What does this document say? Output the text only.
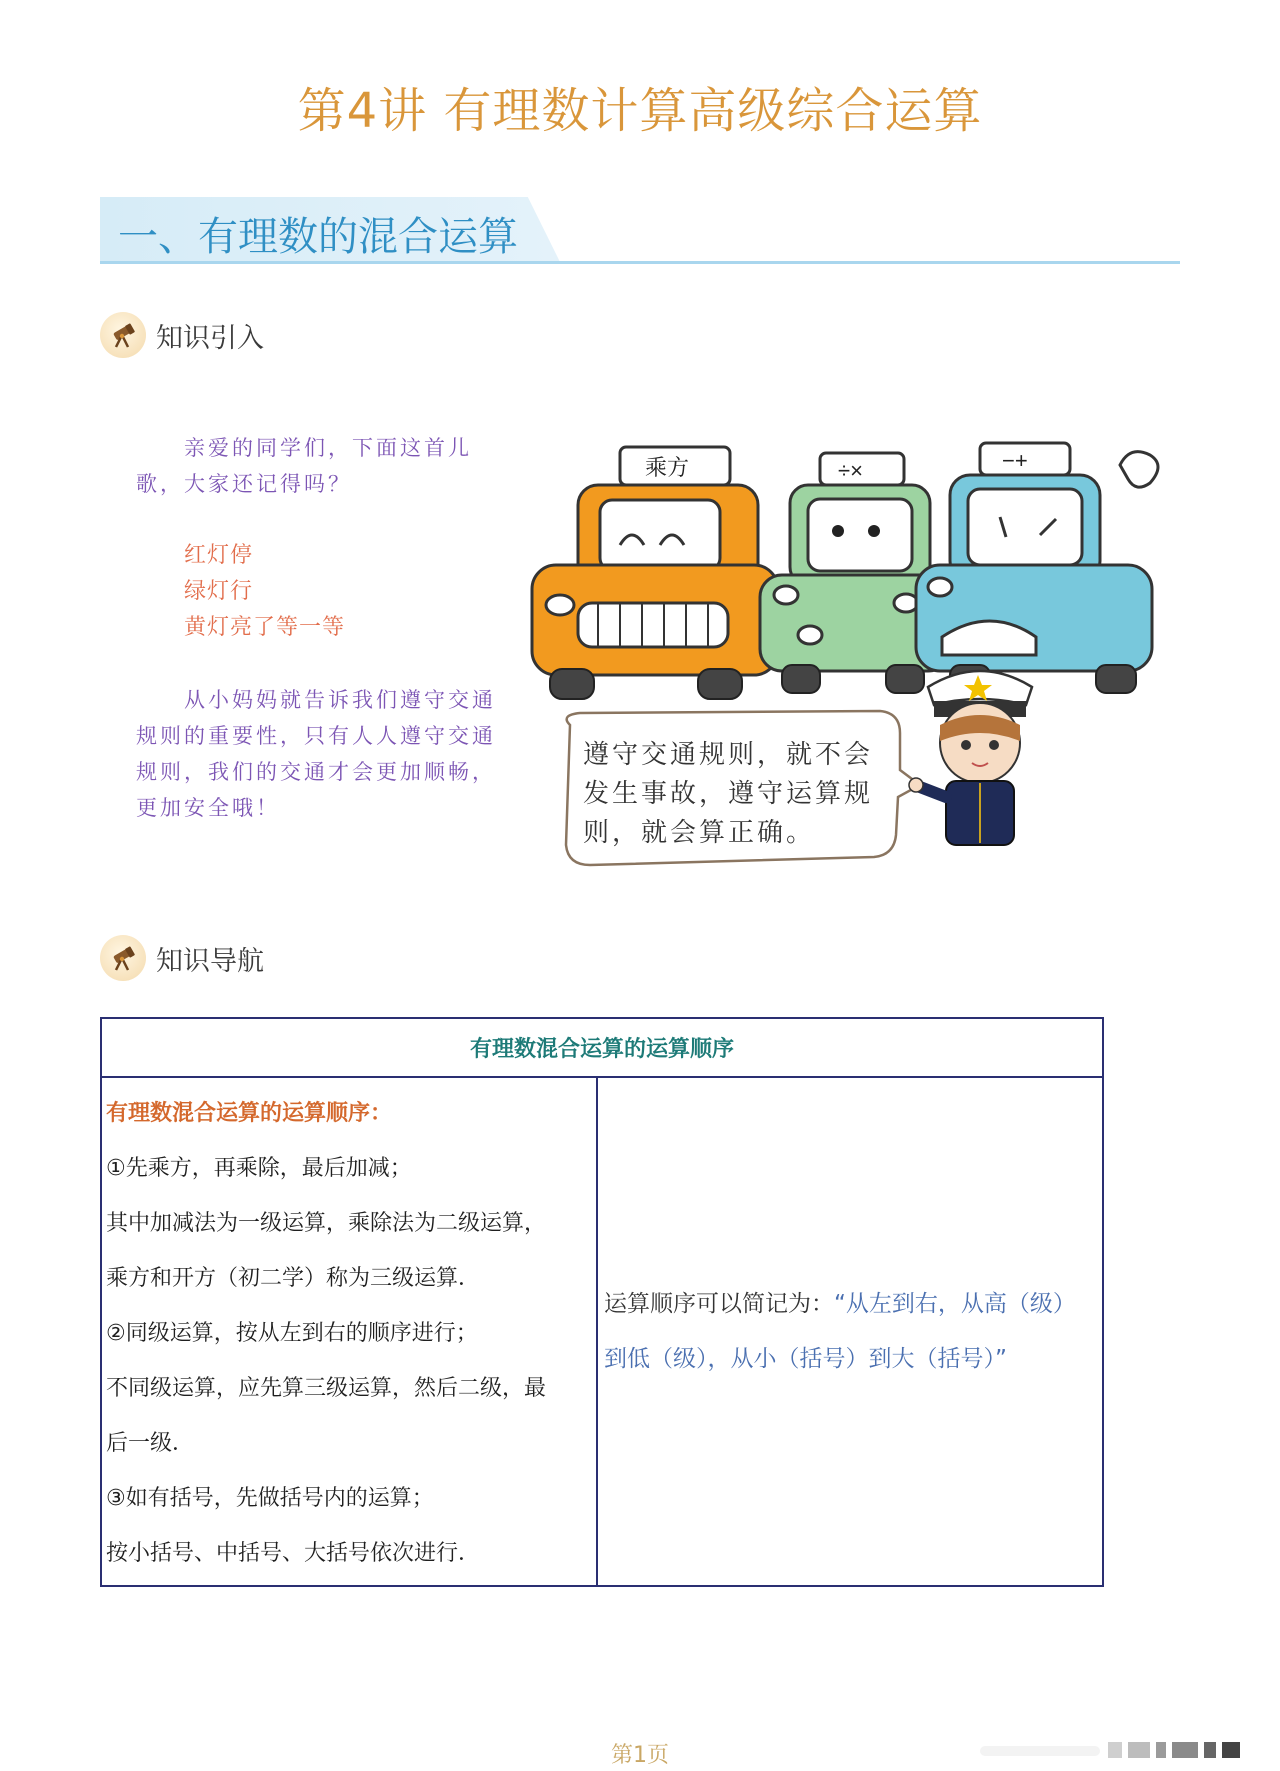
第4讲 有理数计算高级综合运算
一、有理数的混合运算
知识引入

亲爱的同学们，下面这首儿歌，大家还记得吗？

红灯停

绿灯行

黄灯亮了等一等

从小妈妈就告诉我们遵守交通规则的重要性，只有人人遵守交通规则，我们的交通才会更加顺畅，更加安全哦！

乘方	÷×	−+
遵守交通规则，就不会
发生事故，遵守运算规
则，就会算正确。
知识导航
有理数混合运算的运算顺序

有理数混合运算的运算顺序：
①先乘方，再乘除，最后加减；
其中加减法为一级运算，乘除法为二级运算，
乘方和开方（初二学）称为三级运算．
②同级运算，按从左到右的顺序进行；
不同级运算，应先算三级运算，然后二级，最
后一级．
③如有括号，先做括号内的运算；
按小括号、中括号、大括号依次进行．
	运算顺序可以简记为：“从左到右，从高（级）到低（级），从小（括号）到大（括号）”
第1页
